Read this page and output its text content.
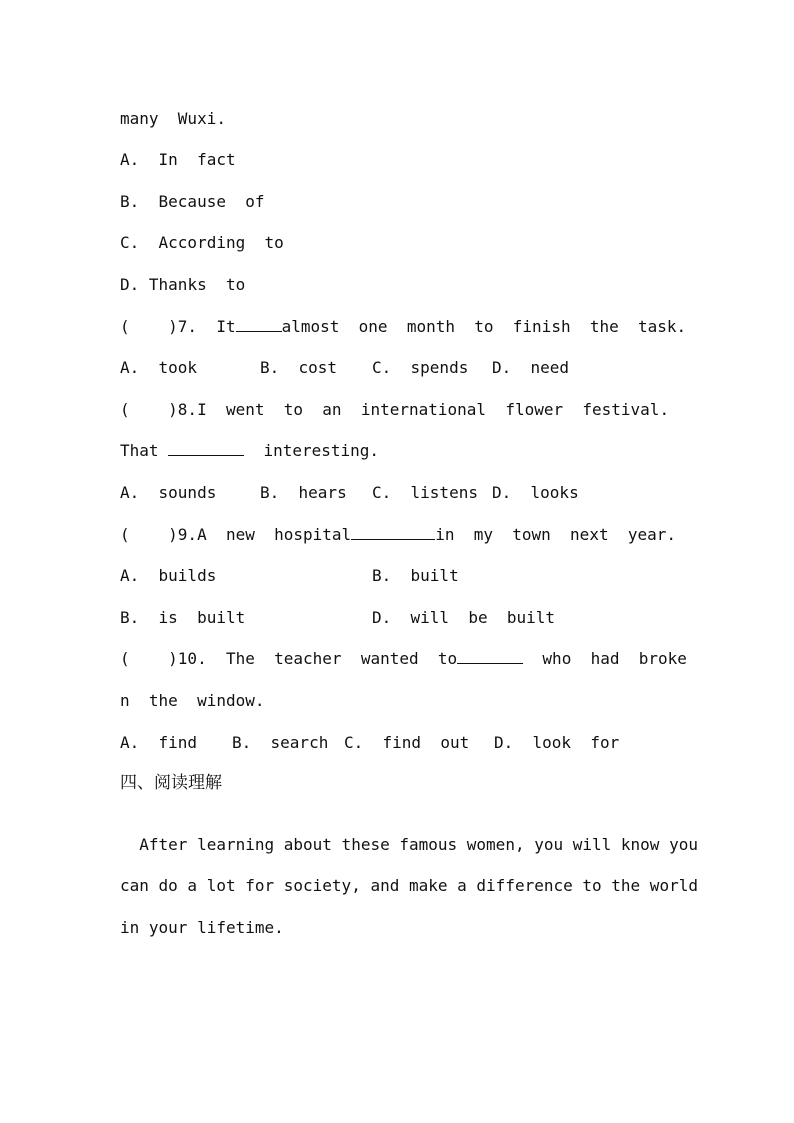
many  Wuxi.
A. In  fact
B. Because  of
C. According  to
D. Thanks  to
(    )7. It	almost  one  month  to  finish  the  task.

A.  took

	B.  cost

C.  spends

D.  need

(    )8.I  went  to  an  international  flower  festival.
That	interesting.

A.  sounds

	B.  hears

C.  listens

D.  looks

(    )9.A  new  hospital	in  my  town  next  year.

A.  builds

	B.  built

B.  is  built

	D.  will  be  built

(    )10.  The  teacher  wanted  to	who  had  broke
n  the  window.

A.  find

B.  search

C.  find  out

D.  look  for

四、阅读理解
After learning about these famous women, you will know you
can do a lot for society, and make a difference to the world
in your lifetime.
